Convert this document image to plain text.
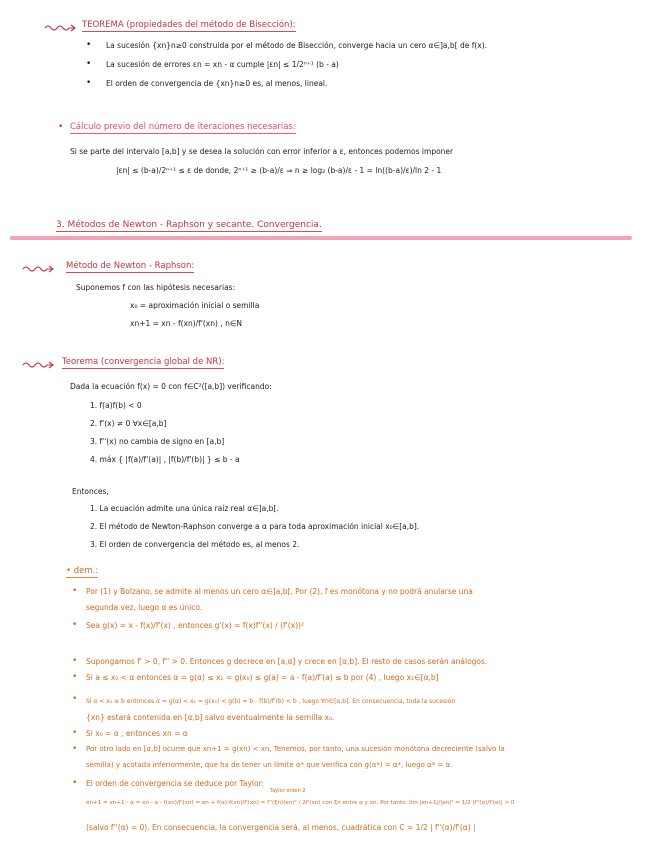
TEOREMA (propiedades del método de Bisección):
• La sucesión {xn}n≥0 construida por el método de Bisección, converge hacia un cero α∈]a,b[ de f(x).
• La sucesión de errores εn = xn - α cumple |εn| ≤ 1/2ⁿ⁺¹ (b - a)
• El orden de convergencia de {xn}n≥0 es, al menos, lineal.
• Cálculo previo del número de iteraciones necesarias:
Si se parte del intervalo [a,b] y se desea la solución con error inferior a ε, entonces podemos imponer
|εn| ≤ (b-a)/2ⁿ⁺¹ ≤ ε de donde, 2ⁿ⁺¹ ≥ (b-a)/ε ⇒ n ≥ log₂ (b-a)/ε - 1 = ln((b-a)/ε)/ln 2 - 1
3. Métodos de Newton - Raphson y secante. Convergencia.
Método de Newton - Raphson:
Suponemos f con las hipótesis necesarias:
x₀ = aproximación inicial o semilla
xn+1 = xn - f(xn)/f'(xn) , n∈N
Teorema (convergencia global de NR):
Dada la ecuación f(x) = 0 con f∈C²([a,b]) verificando:
1. f(a)f(b) < 0
2. f'(x) ≠ 0 ∀x∈[a,b]
3. f''(x) no cambia de signo en [a,b]
4. máx { |f(a)/f'(a)| , |f(b)/f'(b)| } ≤ b - a
Entonces,
1. La ecuación admite una única raíz real α∈]a,b[.
2. El método de Newton-Raphson converge a α para toda aproximación inicial x₀∈[a,b].
3. El orden de convergencia del método es, al menos 2.
• dem.:
• Por (1) y Bolzano, se admite al menos un cero α∈]a,b[. Por (2), f es monótona y no podrá anularse una
segunda vez, luego α es único.
• Sea g(x) = x - f(x)/f'(x) , entonces g'(x) = f(x)f''(x) / (f'(x))²
• Supongamos f' > 0, f'' > 0. Entonces g decrece en [a,α] y crece en [α,b]. El resto de casos serán análogos.
• Si a ≤ x₀ < α entonces α = g(α) ≤ x₁ = g(x₀) ≤ g(a) = a - f(a)/f'(a) ≤ b por (4) , luego x₁∈[α,b]
• Si α < x₀ ≤ b entonces α = g(α) < x₁ = g(x₀) < g(b) = b - f(b)/f'(b) < b , luego ∀n∈[α,b]. En consecuencia, toda la sucesión
{xn} estará contenida en [α,b] salvo eventualmente la semilla x₀.
• Si x₀ = α , entonces xn = α
• Por otro lado en [α,b] ocurre que xn+1 = g(xn) < xn. Tenemos, por tanto, una sucesión monótona decreciente (salvo la
semilla) y acotada inferiormente, que ha de tener un límite α* que verifica con g(α*) = α*, luego α* = α.
• El orden de convergencia se deduce por Taylor:
Taylor orden 2
en+1 = xn+1 - α = xn - α - f(xn)/f'(xn) = en + f(α)-f(xn)/f'(xn) = f''(ξn)(en)² / 2f'(xn) con ξn entre α y xn. Por tanto, lím |en+1|/|en|² = 1/2 |f''(α)/f'(α)| > 0
(salvo f''(α) = 0). En consecuencia, la convergencia será, al menos, cuadrática con C = 1/2 | f''(α)/f'(α) |
